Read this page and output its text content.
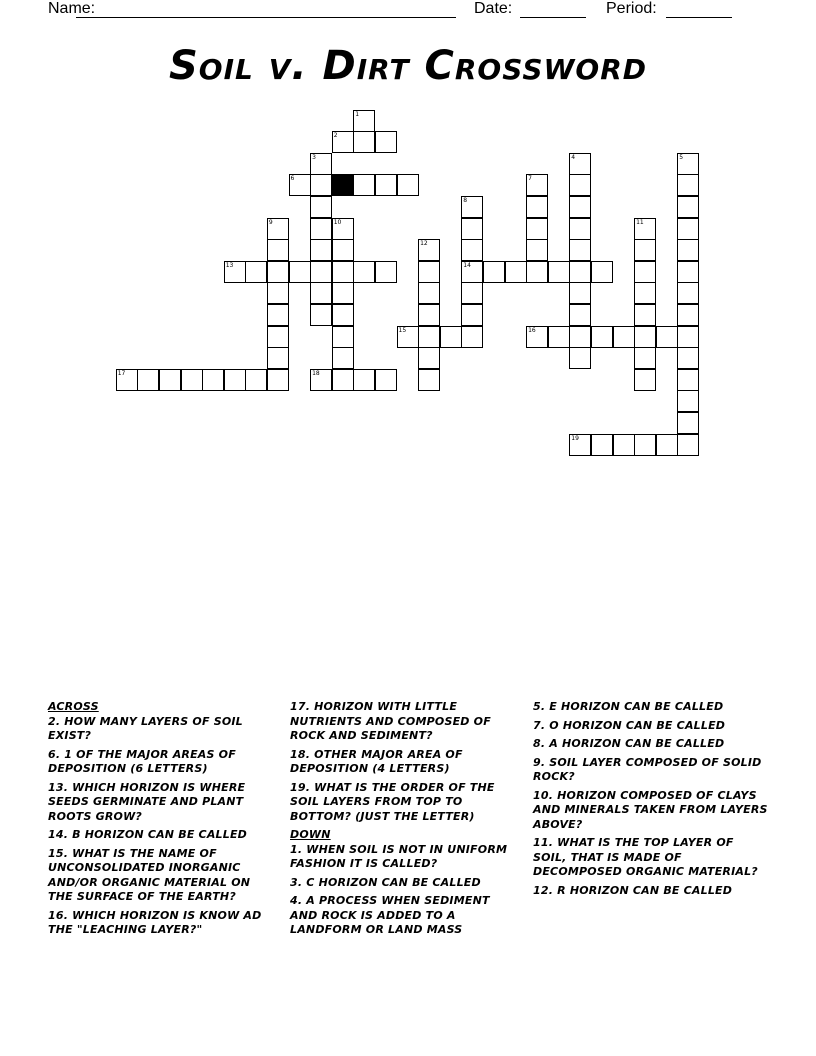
Name:	Date:	Period:
Soil v. Dirt Crossword
1
2
3	4	5
6	7
8
14
9	10	11
12
13
15	16
17	18
19
ACROSS
2. HOW MANY LAYERS OF SOIL EXIST?
6. 1 OF THE MAJOR AREAS OF DEPOSITION (6 LETTERS)
13. WHICH HORIZON IS WHERE SEEDS GERMINATE AND PLANT ROOTS GROW?
14. B HORIZON CAN BE CALLED
15. WHAT IS THE NAME OF UNCONSOLIDATED INORGANIC AND/OR ORGANIC MATERIAL ON THE SURFACE OF THE EARTH?
16. WHICH HORIZON IS KNOW AD THE "LEACHING LAYER?"
17. HORIZON WITH LITTLE NUTRIENTS AND COMPOSED OF ROCK AND SEDIMENT?
18. OTHER MAJOR AREA OF DEPOSITION (4 LETTERS)
19. WHAT IS THE ORDER OF THE SOIL LAYERS FROM TOP TO BOTTOM? (JUST THE LETTER)
DOWN
1. WHEN SOIL IS NOT IN UNIFORM FASHION IT IS CALLED?
3. C HORIZON CAN BE CALLED
4. A PROCESS WHEN SEDIMENT AND ROCK IS ADDED TO A LANDFORM OR LAND MASS
5. E HORIZON CAN BE CALLED
7. O HORIZON CAN BE CALLED
8. A HORIZON CAN BE CALLED
9. SOIL LAYER COMPOSED OF SOLID ROCK?
10. HORIZON COMPOSED OF CLAYS AND MINERALS TAKEN FROM LAYERS ABOVE?
11. WHAT IS THE TOP LAYER OF SOIL, THAT IS MADE OF DECOMPOSED ORGANIC MATERIAL?
12. R HORIZON CAN BE CALLED
